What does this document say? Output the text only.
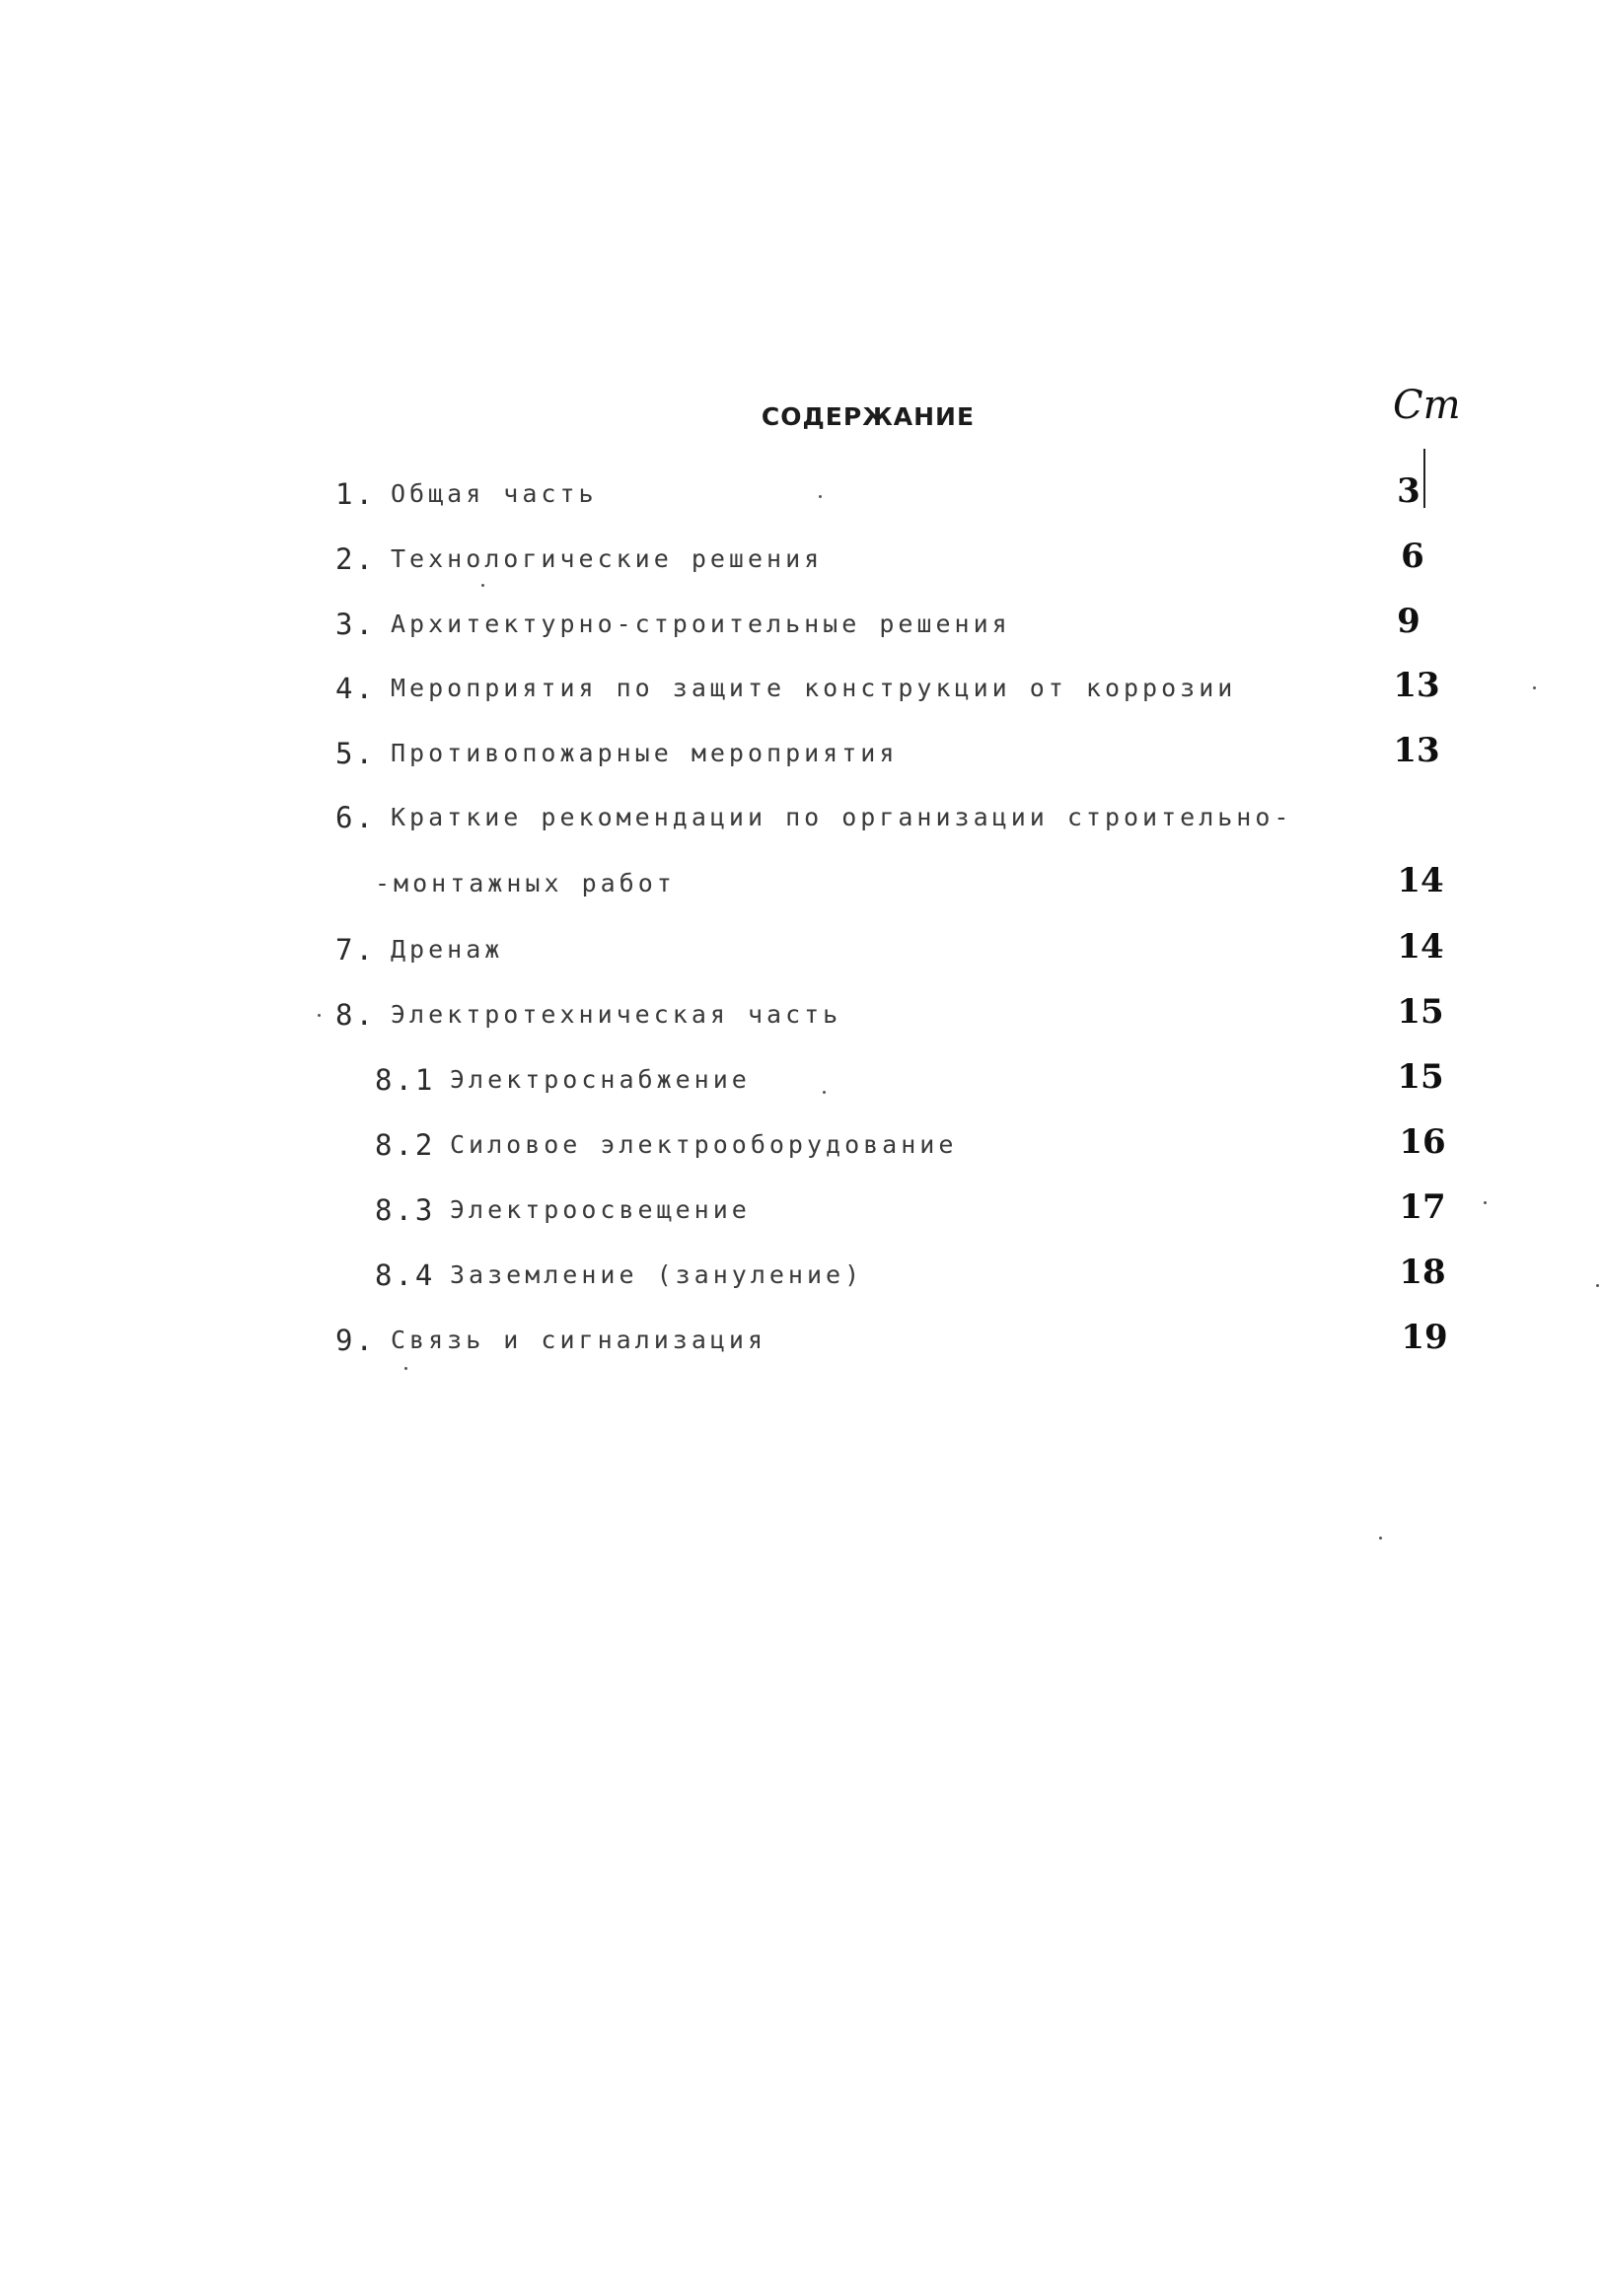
СОДЕРЖАНИЕ	Ст
1. Общая часть	3
2. Технологические решения	6
3. Архитектурно-строительные решения	9
4. Мероприятия по защите конструкции от коррозии	13
5. Противопожарные мероприятия	13
6. Краткие рекомендации по организации строительно-
-монтажных работ	14
7. Дренаж	14
8. Электротехническая часть	15
8.1 Электроснабжение	15
8.2 Силовое электрооборудование	16
8.3 Электроосвещение	17
8.4 Заземление (зануление)	18
9. Связь и сигнализация	19
